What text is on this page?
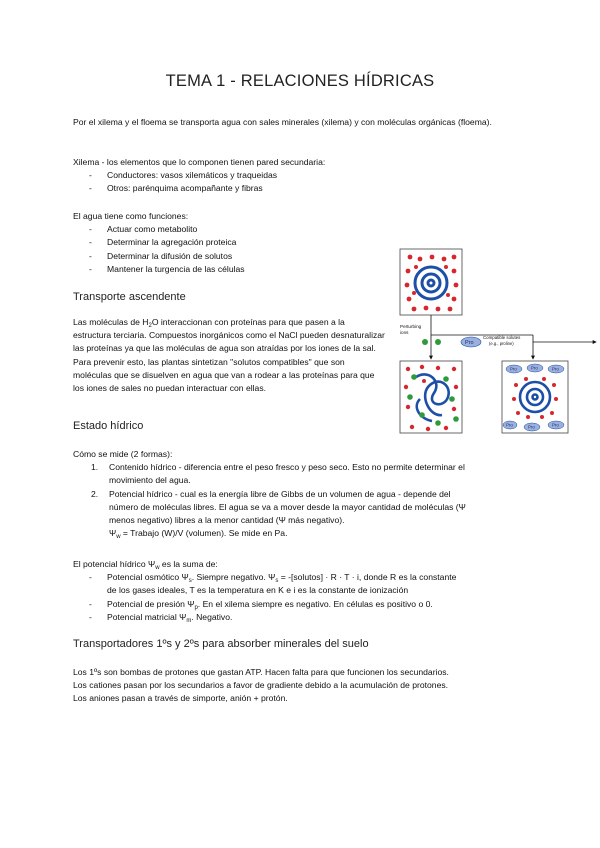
TEMA 1 - RELACIONES HÍDRICAS
Por el xilema y el floema se transporta agua con sales minerales (xilema) y con moléculas orgánicas (floema).
Xilema - los elementos que lo componen tienen pared secundaria:
- Conductores: vasos xilemáticos y traqueidas
- Otros: parénquima acompañante y fibras
El agua tiene como funciones:
- Actuar como metabolito
- Determinar la agregación proteica
- Determinar la difusión de solutos
- Mantener la turgencia de las células
Transporte ascendente
Las moléculas de $H_2O$ interaccionan con proteínas para que pasen a la estructura terciaria. Compuestos inorgánicos como el NaCl pueden desnaturalizar las proteínas ya que las moléculas de agua son atraídas por los iones de la sal. Para prevenir esto, las plantas sintetizan "solutos compatibles" que son moléculas que se disuelven en agua que van a rodear a las proteínas para que los iones de sales no puedan interactuar con ellas.
Perturbing
ions
Pro
Compatible solutes
(e.g., proline)
Pro	Pro	Pro
Pro	Pro	Pro
Estado hídrico
Cómo se mide (2 formas):
1. Contenido hídrico - diferencia entre el peso fresco y peso seco. Esto no permite determinar el
movimiento del agua.
2. Potencial hídrico - cual es la energía libre de Gibbs de un volumen de agua - depende del
número de moléculas libres. El agua se va a mover desde la mayor cantidad de moléculas (Ψ
menos negativo) libres a la menor cantidad (Ψ más negativo).
$\Psi_w$ = Trabajo (W)/V (volumen). Se mide en Pa.
El potencial hídrico $\Psi_w$ es la suma de:
- Potencial osmótico $\Psi_s$. Siempre negativo. $\Psi_s$ = -[solutos] · R · T · i, donde R es la constante
de los gases ideales, T es la temperatura en K e i es la constante de ionización
- Potencial de presión $\Psi_p$. En el xilema siempre es negativo. En células es positivo o 0.
- Potencial matricial $\Psi_m$. Negativo.
Transportadores 1ºs y 2ºs para absorber minerales del suelo
Los 1ºs son bombas de protones que gastan ATP. Hacen falta para que funcionen los secundarios.
Los cationes pasan por los secundarios a favor de gradiente debido a la acumulación de protones.
Los aniones pasan a través de simporte, anión + protón.
